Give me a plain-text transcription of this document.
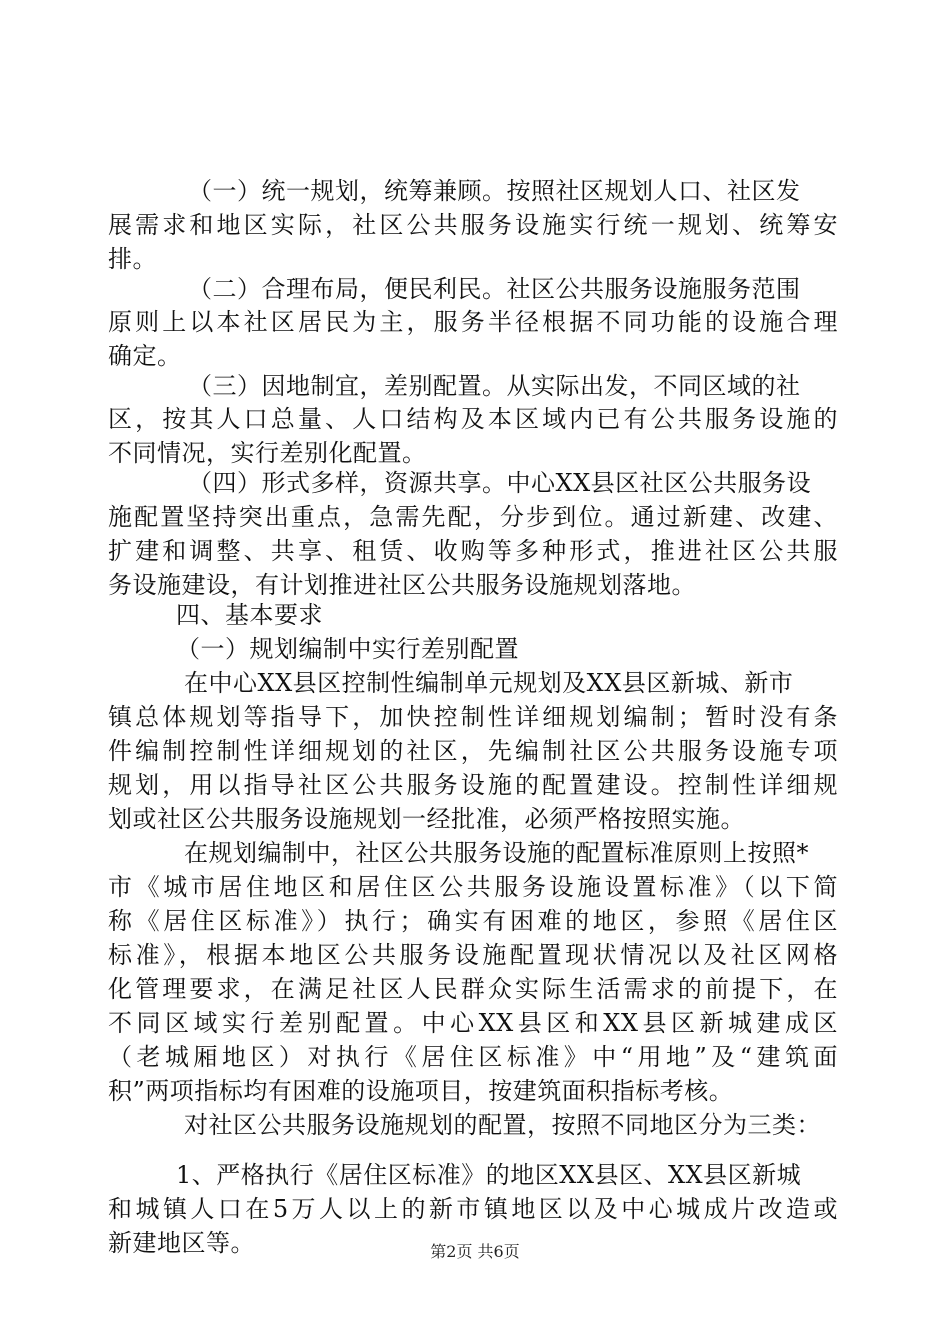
（一）统一规划，统筹兼顾。按照社区规划人口、社区发
展需求和地区实际，社区公共服务设施实行统一规划、统筹安
排。
（二）合理布局，便民利民。社区公共服务设施服务范围
原则上以本社区居民为主，服务半径根据不同功能的设施合理
确定。
（三）因地制宜，差别配置。从实际出发，不同区域的社
区，按其人口总量、人口结构及本区域内已有公共服务设施的
不同情况，实行差别化配置。
（四）形式多样，资源共享。中心XX县区社区公共服务设
施配置坚持突出重点，急需先配，分步到位。通过新建、改建、
扩建和调整、共享、租赁、收购等多种形式，推进社区公共服
务设施建设，有计划推进社区公共服务设施规划落地。
四、基本要求
（一）规划编制中实行差别配置
在中心XX县区控制性编制单元规划及XX县区新城、新市
镇总体规划等指导下，加快控制性详细规划编制；暂时没有条
件编制控制性详细规划的社区，先编制社区公共服务设施专项
规划，用以指导社区公共服务设施的配置建设。控制性详细规
划或社区公共服务设施规划一经批准，必须严格按照实施。
在规划编制中，社区公共服务设施的配置标准原则上按照*
市《城市居住地区和居住区公共服务设施设置标准》（以下简
称《居住区标准》）执行；确实有困难的地区，参照《居住区
标准》，根据本地区公共服务设施配置现状情况以及社区网格
化管理要求，在满足社区人民群众实际生活需求的前提下，在
不同区域实行差别配置。中心XX县区和XX县区新城建成区
（老城厢地区）对执行《居住区标准》中“用地”及“建筑面
积”两项指标均有困难的设施项目，按建筑面积指标考核。
对社区公共服务设施规划的配置，按照不同地区分为三类：
1、严格执行《居住区标准》的地区XX县区、XX县区新城
和城镇人口在5万人以上的新市镇地区以及中心城成片改造或
新建地区等。	第2页 共6页
